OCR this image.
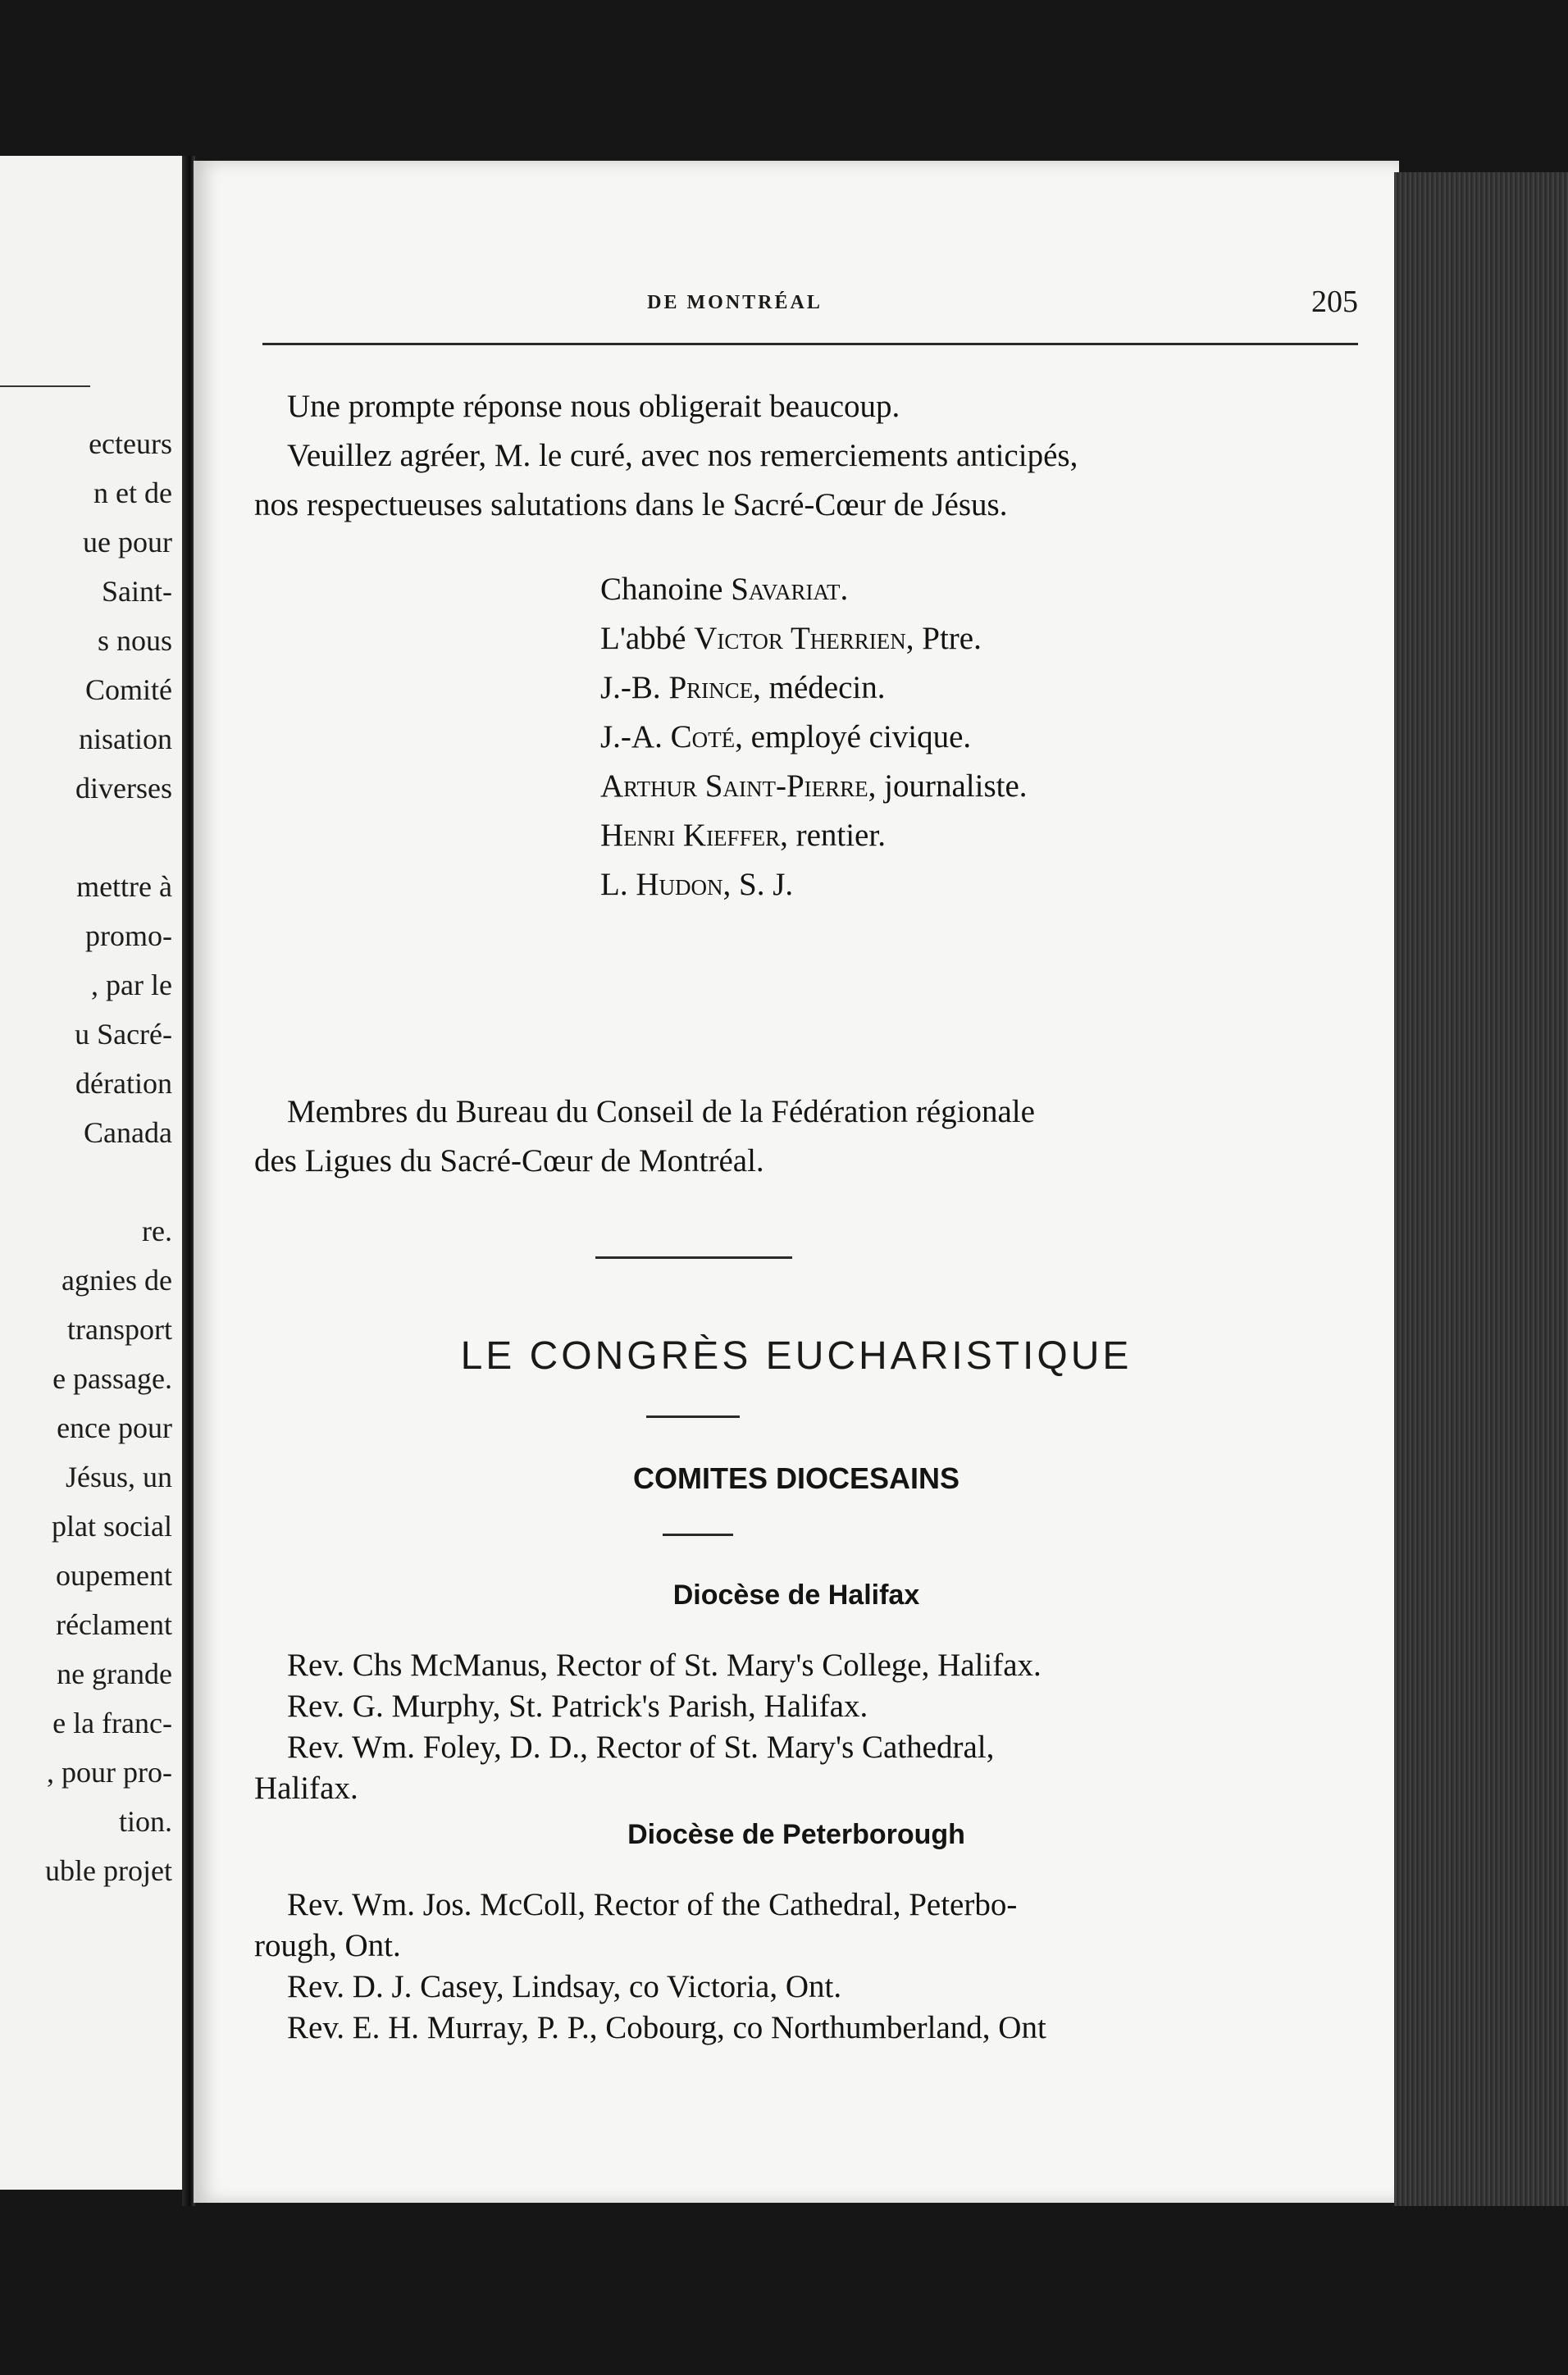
ecteurs
n et de
ue pour
Saint-
s nous
Comité
nisation
diverses
mettre à
promo-
, par le
u Sacré-
dération
Canada
re.
agnies de
transport
e passage.
ence pour
Jésus, un
plat social
oupement
réclament
ne grande
e la franc-
, pour pro-
tion.
uble projet
DE MONTRÉAL	205
Une prompte réponse nous obligerait beaucoup.
Veuillez agréer, M. le curé, avec nos remerciements anticipés,
nos respectueuses salutations dans le Sacré-Cœur de Jésus.
Chanoine Savariat.
L'abbé Victor Therrien, Ptre.
J.-B. Prince, médecin.
J.-A. Coté, employé civique.
Arthur Saint-Pierre, journaliste.
Henri Kieffer, rentier.
L. Hudon, S. J.
Membres du Bureau du Conseil de la Fédération régionale
des Ligues du Sacré-Cœur de Montréal.
LE CONGRÈS EUCHARISTIQUE
COMITES DIOCESAINS
Diocèse de Halifax
Rev. Chs McManus, Rector of St. Mary's College, Halifax.
Rev. G. Murphy, St. Patrick's Parish, Halifax.
Rev. Wm. Foley, D. D., Rector of St. Mary's Cathedral,
Halifax.
Diocèse de Peterborough
Rev. Wm. Jos. McColl, Rector of the Cathedral, Peterbo-
rough, Ont.
Rev. D. J. Casey, Lindsay, co Victoria, Ont.
Rev. E. H. Murray, P. P., Cobourg, co Northumberland, Ont
